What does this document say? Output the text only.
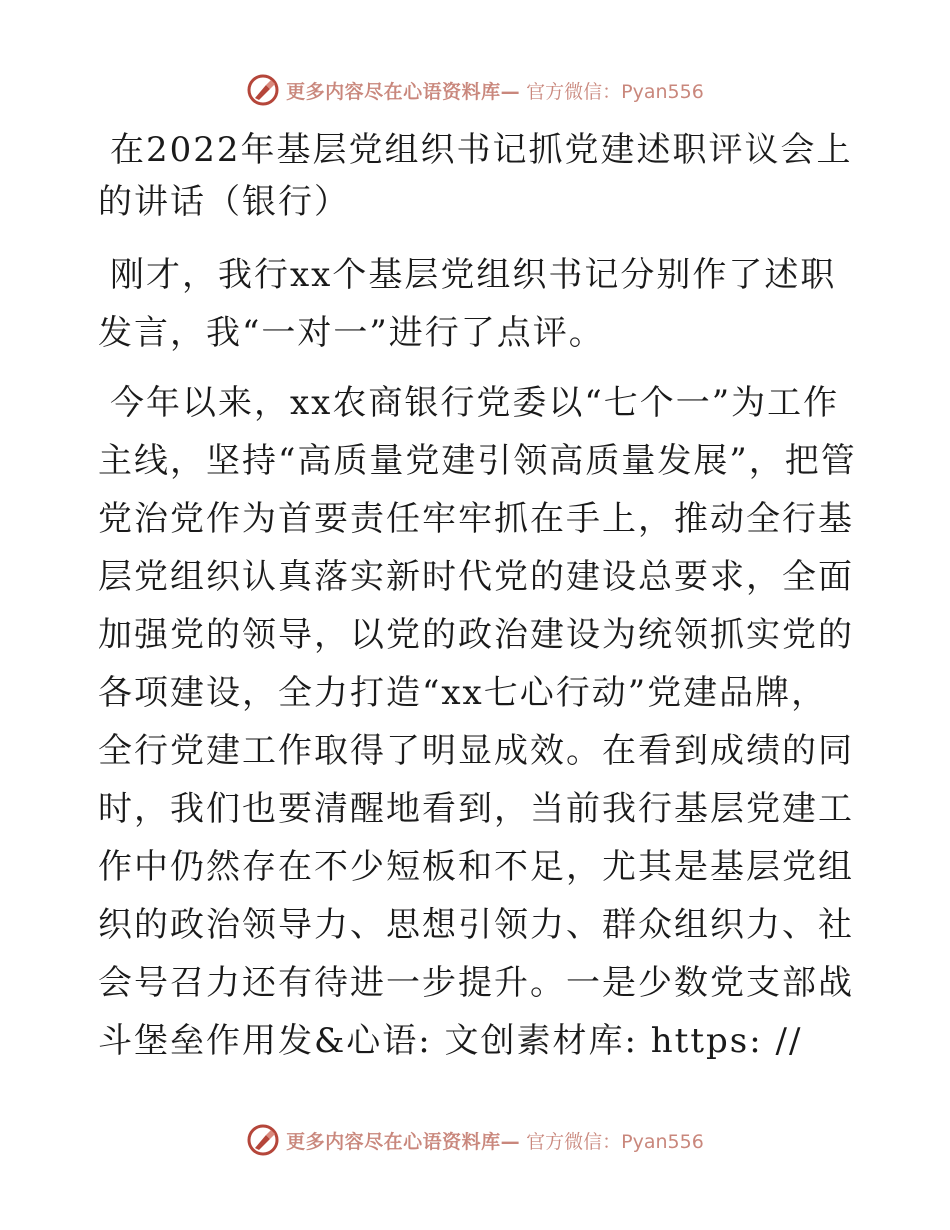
更多内容尽在心语资料库— 官方微信：Pyan556
在2022年基层党组织书记抓党建述职评议会上的讲话（银行）

刚才，我行xx个基层党组织书记分别作了述职发言，我“一对一”进行了点评。

今年以来，xx农商银行党委以“七个一”为工作主线，坚持“高质量党建引领高质量发展”，把管党治党作为首要责任牢牢抓在手上，推动全行基层党组织认真落实新时代党的建设总要求，全面加强党的领导，以党的政治建设为统领抓实党的各项建设，全力打造“xx七心行动”党建品牌，全行党建工作取得了明显成效。在看到成绩的同时，我们也要清醒地看到，当前我行基层党建工作中仍然存在不少短板和不足，尤其是基层党组织的政治领导力、思想引领力、群众组织力、社会号召力还有待进一步提升。一是少数党支部战斗堡垒作用发&心语: 文创素材库: https: //

更多内容尽在心语资料库— 官方微信：Pyan556
